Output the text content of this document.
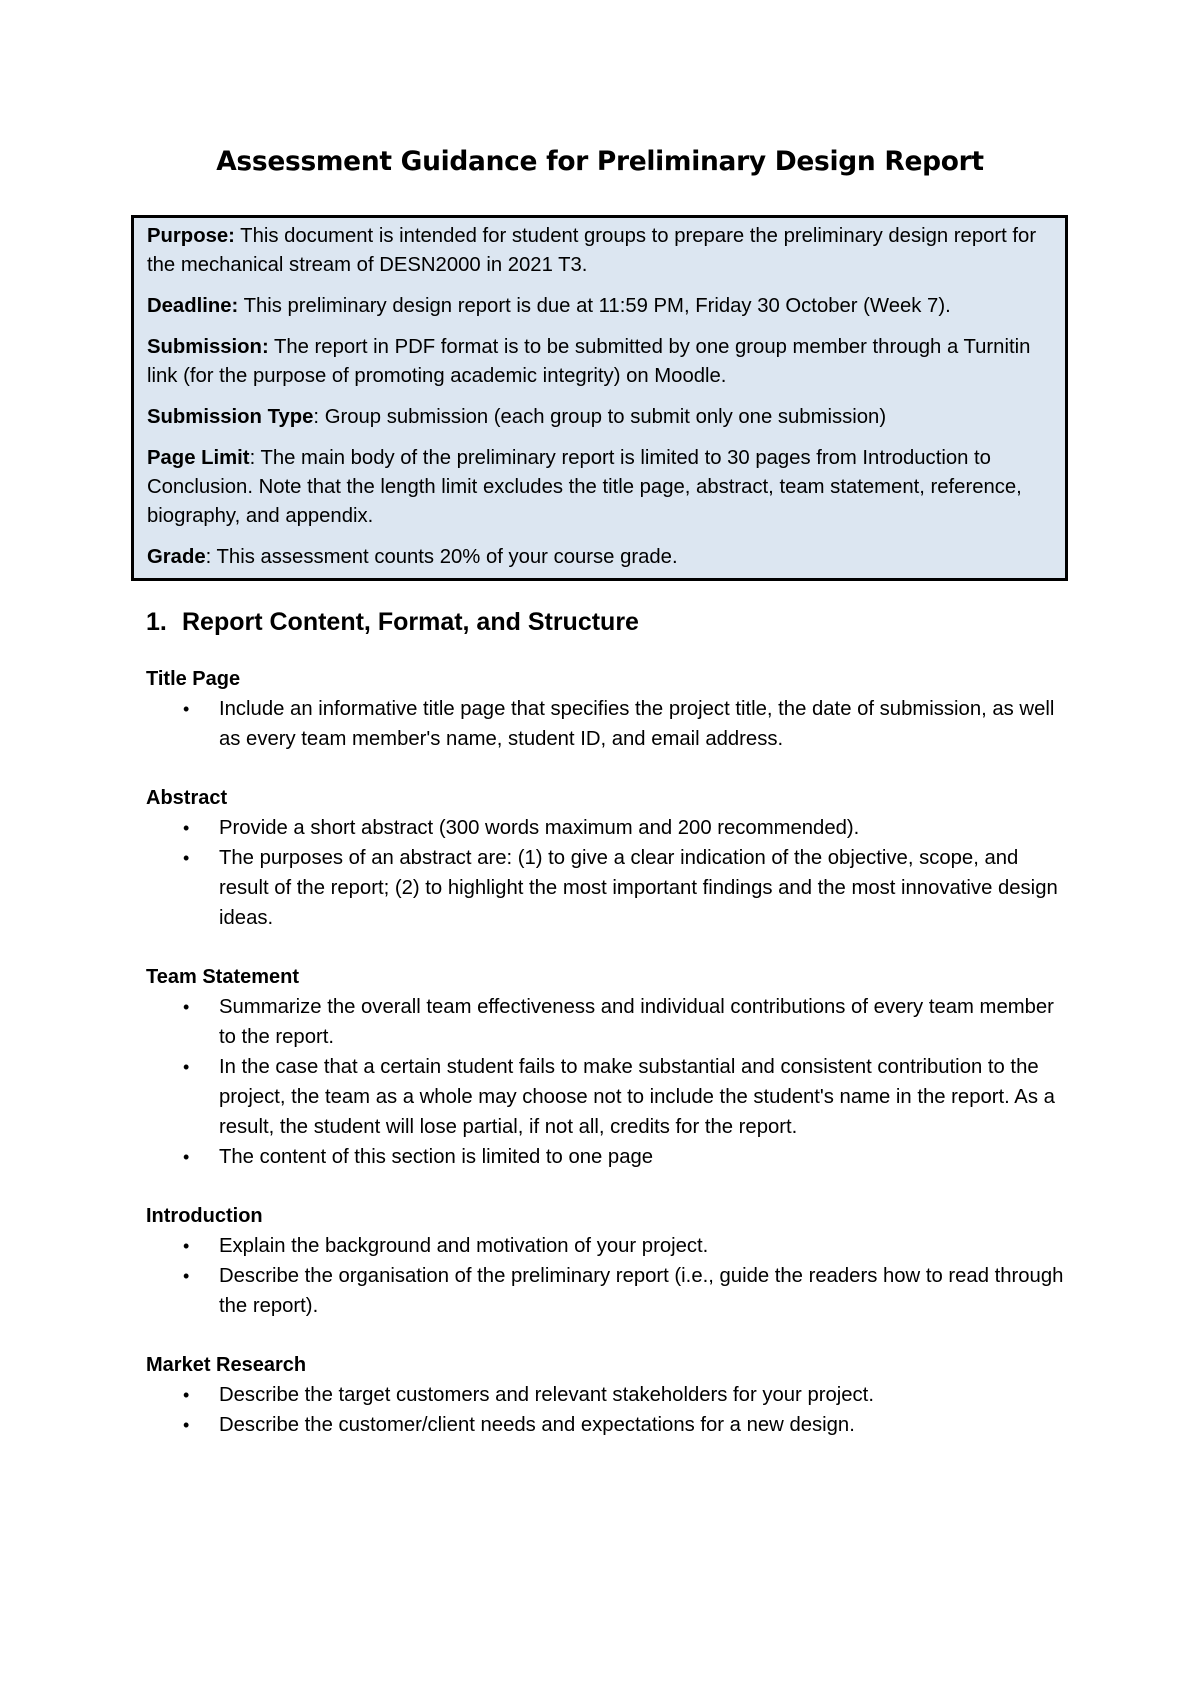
Assessment Guidance for Preliminary Design Report

Purpose: This document is intended for student groups to prepare the preliminary design report for the mechanical stream of DESN2000 in 2021 T3.

Deadline: This preliminary design report is due at 11:59 PM, Friday 30 October (Week 7).

Submission: The report in PDF format is to be submitted by one group member through a Turnitin link (for the purpose of promoting academic integrity) on Moodle.

Submission Type: Group submission (each group to submit only one submission)

Page Limit: The main body of the preliminary report is limited to 30 pages from Introduction to Conclusion. Note that the length limit excludes the title page, abstract, team statement, reference, biography, and appendix.

Grade: This assessment counts 20% of your course grade.

1. Report Content, Format, and Structure
Title Page
• Include an informative title page that specifies the project title, the date of submission, as well as every team member's name, student ID, and email address.
Abstract
• Provide a short abstract (300 words maximum and 200 recommended).
• The purposes of an abstract are: (1) to give a clear indication of the objective, scope, and result of the report; (2) to highlight the most important findings and the most innovative design ideas.
Team Statement
• Summarize the overall team effectiveness and individual contributions of every team member to the report.
• In the case that a certain student fails to make substantial and consistent contribution to the project, the team as a whole may choose not to include the student's name in the report. As a result, the student will lose partial, if not all, credits for the report.
• The content of this section is limited to one page
Introduction
• Explain the background and motivation of your project.
• Describe the organisation of the preliminary report (i.e., guide the readers how to read through the report).
Market Research
• Describe the target customers and relevant stakeholders for your project.
• Describe the customer/client needs and expectations for a new design.
